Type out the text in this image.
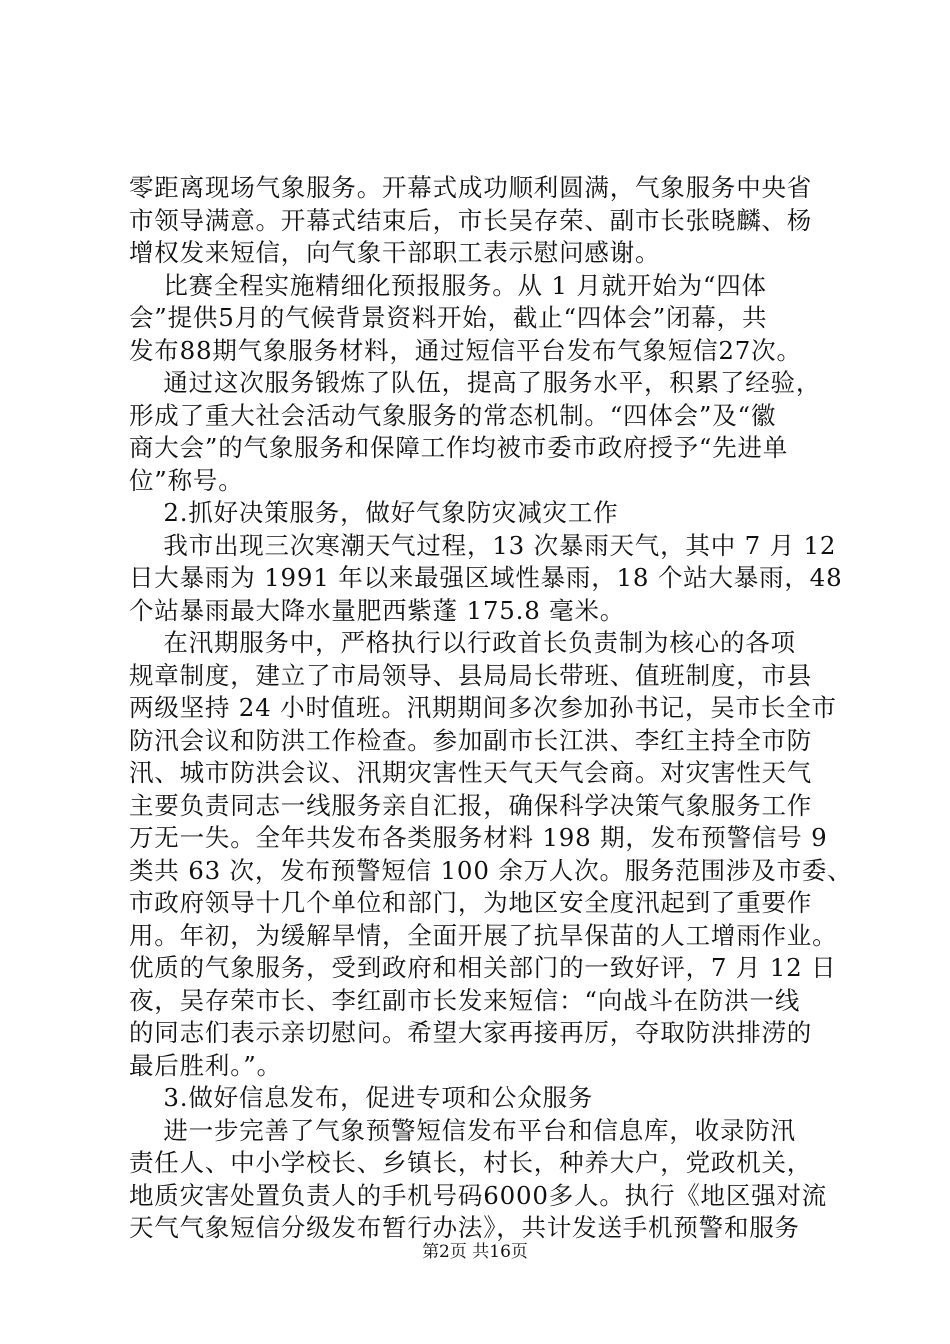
零距离现场气象服务。开幕式成功顺利圆满，气象服务中央省
市领导满意。开幕式结束后，市长吴存荣、副市长张晓麟、杨
增权发来短信，向气象干部职工表示慰问感谢。
比赛全程实施精细化预报服务。从 1 月就开始为“四体
会”提供5月的气候背景资料开始，截止“四体会”闭幕，共
发布88期气象服务材料，通过短信平台发布气象短信27次。
通过这次服务锻炼了队伍，提高了服务水平，积累了经验，
形成了重大社会活动气象服务的常态机制。“四体会”及“徽
商大会”的气象服务和保障工作均被市委市政府授予“先进单
位”称号。
2.抓好决策服务，做好气象防灾减灾工作
我市出现三次寒潮天气过程，13 次暴雨天气，其中 7 月 12
日大暴雨为 1991 年以来最强区域性暴雨，18 个站大暴雨，48
个站暴雨最大降水量肥西紫蓬 175.8 毫米。
在汛期服务中，严格执行以行政首长负责制为核心的各项
规章制度，建立了市局领导、县局局长带班、值班制度，市县
两级坚持 24 小时值班。汛期期间多次参加孙书记，吴市长全市
防汛会议和防洪工作检查。参加副市长江洪、李红主持全市防
汛、城市防洪会议、汛期灾害性天气天气会商。对灾害性天气
主要负责同志一线服务亲自汇报，确保科学决策气象服务工作
万无一失。全年共发布各类服务材料 198 期，发布预警信号 9
类共 63 次，发布预警短信 100 余万人次。服务范围涉及市委、
市政府领导十几个单位和部门，为地区安全度汛起到了重要作
用。年初，为缓解旱情，全面开展了抗旱保苗的人工增雨作业。
优质的气象服务，受到政府和相关部门的一致好评，7 月 12 日
夜，吴存荣市长、李红副市长发来短信：“向战斗在防洪一线
的同志们表示亲切慰问。希望大家再接再厉，夺取防洪排涝的
最后胜利。”。
3.做好信息发布，促进专项和公众服务
进一步完善了气象预警短信发布平台和信息库，收录防汛
责任人、中小学校长、乡镇长，村长，种养大户，党政机关，
地质灾害处置负责人的手机号码6000多人。执行《地区强对流
天气气象短信分级发布暂行办法》，共计发送手机预警和服务
第2页 共16页
